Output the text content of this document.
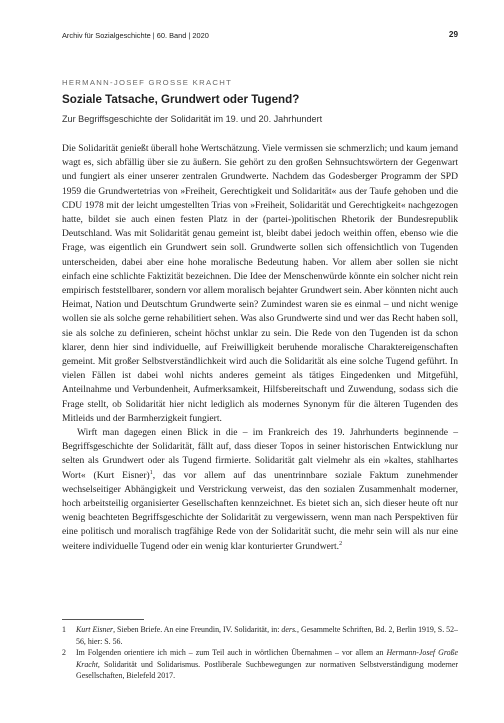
Archiv für Sozialgeschichte | 60. Band | 2020	29
HERMANN-JOSEF GROSSE KRACHT
Soziale Tatsache, Grundwert oder Tugend?
Zur Begriffsgeschichte der Solidarität im 19. und 20. Jahrhundert

Die Solidarität genießt überall hohe Wertschätzung. Viele vermissen sie schmerzlich; und kaum jemand wagt es, sich abfällig über sie zu äußern. Sie gehört zu den großen Sehnsuchtswörtern der Gegenwart und fungiert als einer unserer zentralen Grundwerte. Nachdem das Godesberger Programm der SPD 1959 die Grundwertetrias von »Freiheit, Gerechtigkeit und Solidarität« aus der Taufe gehoben und die CDU 1978 mit der leicht umgestellten Trias von »Freiheit, Solidarität und Gerechtigkeit« nachgezogen hatte, bildet sie auch einen festen Platz in der (partei-)politischen Rhetorik der Bundesrepublik Deutschland. Was mit Solidarität genau gemeint ist, bleibt dabei jedoch weithin offen, ebenso wie die Frage, was eigentlich ein Grundwert sein soll. Grundwerte sollen sich offensichtlich von Tugenden unterscheiden, dabei aber eine hohe moralische Bedeutung haben. Vor allem aber sollen sie nicht einfach eine schlichte Faktizität bezeichnen. Die Idee der Menschenwürde könnte ein solcher nicht rein empirisch feststellbarer, sondern vor allem moralisch bejahter Grundwert sein. Aber könnten nicht auch Heimat, Nation und Deutschtum Grundwerte sein? Zumindest waren sie es einmal – und nicht wenige wollen sie als solche gerne rehabilitiert sehen. Was also Grundwerte sind und wer das Recht haben soll, sie als solche zu definieren, scheint höchst unklar zu sein. Die Rede von den Tugenden ist da schon klarer, denn hier sind individuelle, auf Freiwilligkeit beruhende moralische Charaktereigenschaften gemeint. Mit großer Selbstverständlichkeit wird auch die Solidarität als eine solche Tugend geführt. In vielen Fällen ist dabei wohl nichts anderes gemeint als tätiges Eingedenken und Mitgefühl, Anteilnahme und Verbundenheit, Aufmerksamkeit, Hilfsbereitschaft und Zuwendung, sodass sich die Frage stellt, ob Solidarität hier nicht lediglich als modernes Synonym für die älteren Tugenden des Mitleids und der Barmherzigkeit fungiert.

Wirft man dagegen einen Blick in die – im Frankreich des 19. Jahrhunderts beginnende – Begriffsgeschichte der Solidarität, fällt auf, dass dieser Topos in seiner historischen Entwicklung nur selten als Grundwert oder als Tugend firmierte. Solidarität galt vielmehr als ein »kaltes, stahlhartes Wort« (Kurt Eisner)$^1$, das vor allem auf das unentrinnbare soziale Faktum zunehmender wechselseitiger Abhängigkeit und Verstrickung verweist, das den sozialen Zusammenhalt moderner, hoch arbeitsteilig organisierter Gesellschaften kennzeichnet. Es bietet sich an, sich dieser heute oft nur wenig beachteten Begriffsgeschichte der Solidarität zu vergewissern, wenn man nach Perspektiven für eine politisch und moralisch tragfähige Rede von der Solidarität sucht, die mehr sein will als nur eine weitere individuelle Tugend oder ein wenig klar konturierter Grundwert.$^2$

1	Kurt Eisner, Sieben Briefe. An eine Freundin, IV. Solidarität, in: ders., Gesammelte Schriften, Bd. 2, Berlin 1919, S. 52–56, hier: S. 56.
2	Im Folgenden orientiere ich mich – zum Teil auch in wörtlichen Übernahmen – vor allem an Hermann-Josef Große Kracht, Solidarität und Solidarismus. Postliberale Suchbewegungen zur normativen Selbstverständigung moderner Gesellschaften, Bielefeld 2017.
